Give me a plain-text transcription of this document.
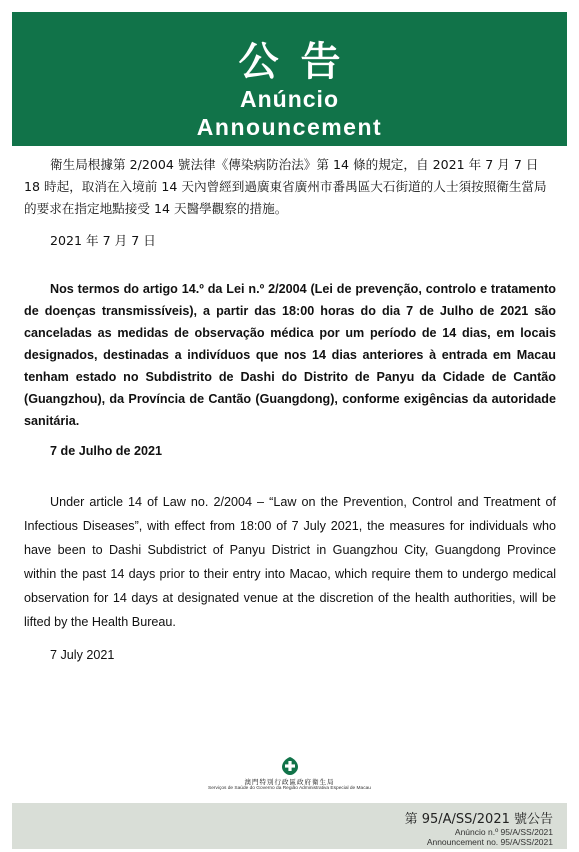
公告
Anúncio
Announcement

衛生局根據第 2/2004 號法律《傳染病防治法》第 14 條的規定，自 2021 年 7 月 7 日 18 時起，取消在入境前 14 天內曾經到過廣東省廣州市番禺區大石街道的人士須按照衛生當局的要求在指定地點接受 14 天醫學觀察的措施。

2021 年 7 月 7 日

Nos termos do artigo 14.º da Lei n.º 2/2004 (Lei de prevenção, controlo e tratamento de doenças transmissíveis), a partir das 18:00 horas do dia 7 de Julho de 2021 são canceladas as medidas de observação médica por um período de 14 dias, em locais designados, destinadas a indivíduos que nos 14 dias anteriores à entrada em Macau tenham estado no Subdistrito de Dashi do Distrito de Panyu da Cidade de Cantão (Guangzhou), da Província de Cantão (Guangdong), conforme exigências da autoridade sanitária.

7 de Julho de 2021

Under article 14 of Law no. 2/2004 – “Law on the Prevention, Control and Treatment of Infectious Diseases”, with effect from 18:00 of 7 July 2021, the measures for individuals who have been to Dashi Subdistrict of Panyu District in Guangzhou City, Guangdong Province within the past 14 days prior to their entry into Macao, which require them to undergo medical observation for 14 days at designated venue at the discretion of the health authorities, will be lifted by the Health Bureau.

7 July 2021

澳門特別行政區政府衛生局
Serviços de Saúde do Governo da Região Administrativa Especial de Macau
第 95/A/SS/2021 號公告
Anúncio n.º 95/A/SS/2021
Announcement no. 95/A/SS/2021
